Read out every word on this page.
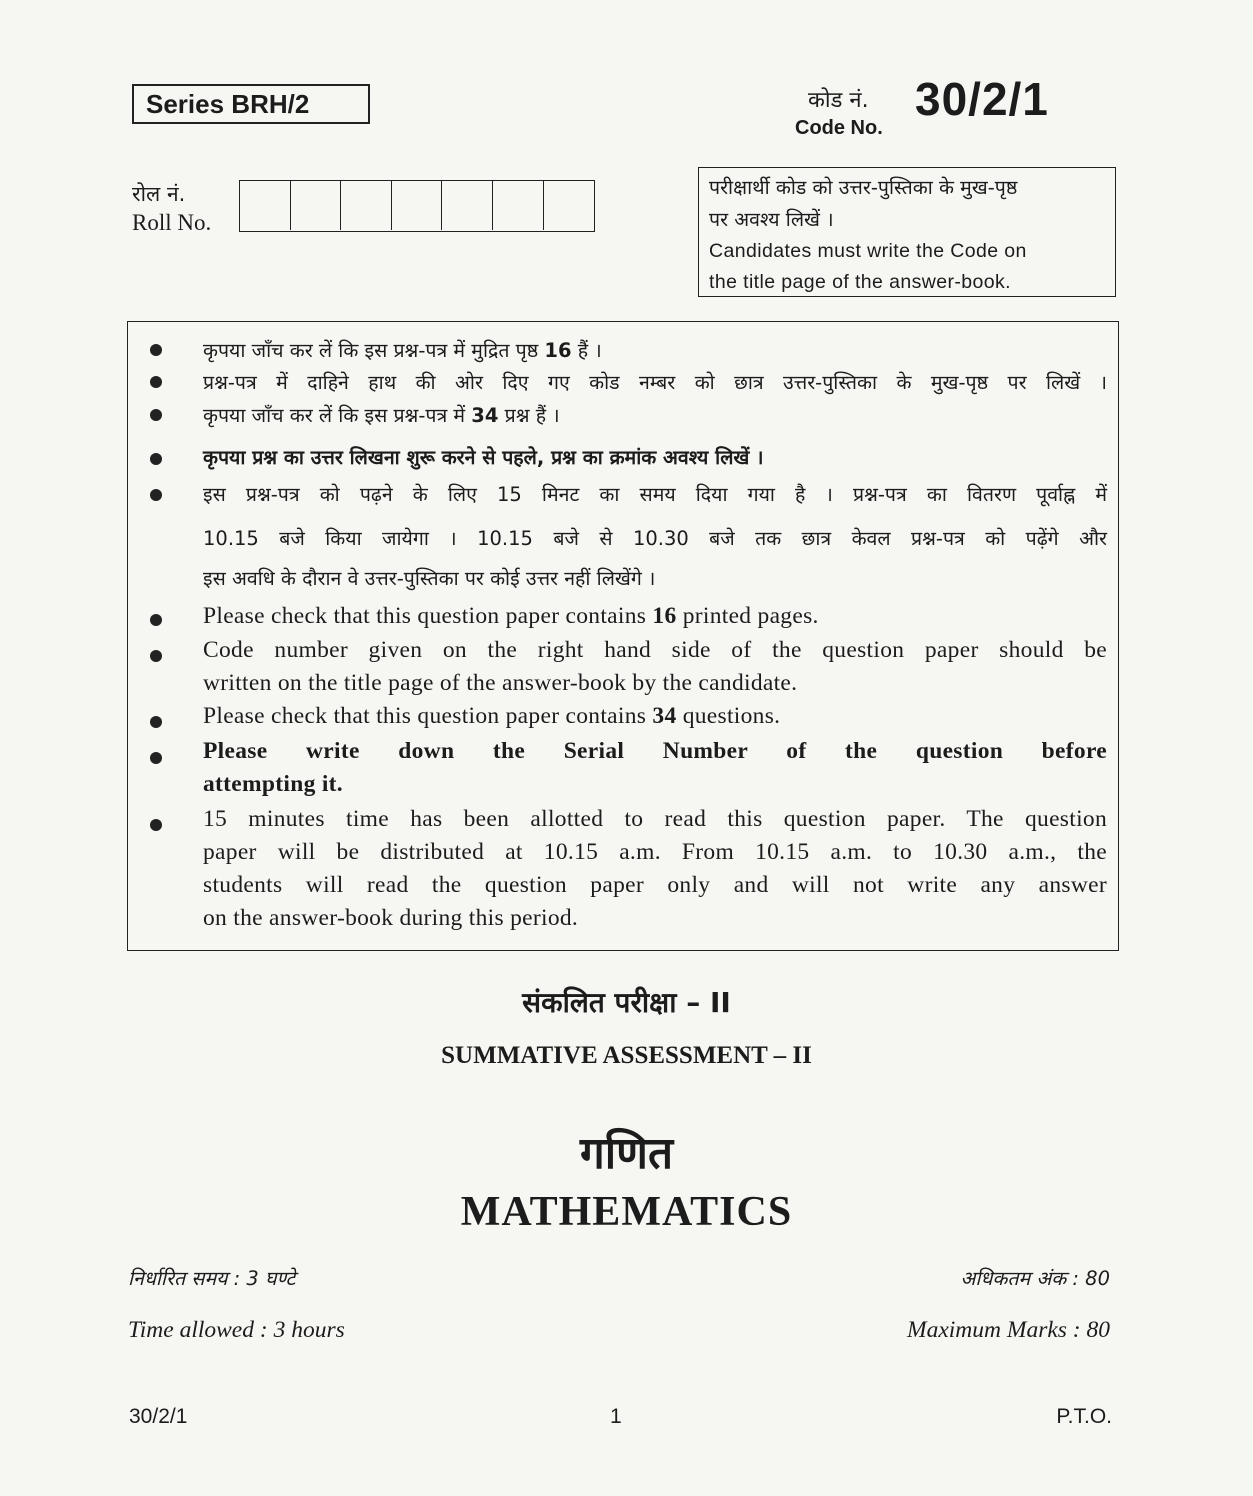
Series BRH/2	कोड नं. 30/2/1
Code No.
रोल नं.
Roll No.
परीक्षार्थी कोड को उत्तर-पुस्तिका के मुख-पृष्ठ
पर अवश्य लिखें ।
Candidates must write the Code on
the title page of the answer-book.
कृपया जाँच कर लें कि इस प्रश्न-पत्र में मुद्रित पृष्ठ 16 हैं ।
प्रश्न-पत्र में दाहिने हाथ की ओर दिए गए कोड नम्बर को छात्र उत्तर-पुस्तिका के मुख-पृष्ठ पर लिखें ।
कृपया जाँच कर लें कि इस प्रश्न-पत्र में 34 प्रश्न हैं ।
कृपया प्रश्न का उत्तर लिखना शुरू करने से पहले, प्रश्न का क्रमांक अवश्य लिखें ।
इस प्रश्न-पत्र को पढ़ने के लिए 15 मिनट का समय दिया गया है । प्रश्न-पत्र का वितरण पूर्वाह्न में
10.15 बजे किया जायेगा । 10.15 बजे से 10.30 बजे तक छात्र केवल प्रश्न-पत्र को पढ़ेंगे और
इस अवधि के दौरान वे उत्तर-पुस्तिका पर कोई उत्तर नहीं लिखेंगे ।
Please check that this question paper contains 16 printed pages.
Code number given on the right hand side of the question paper should be
written on the title page of the answer-book by the candidate.
Please check that this question paper contains 34 questions.
Please write down the Serial Number of the question before
attempting it.
15 minutes time has been allotted to read this question paper. The question
paper will be distributed at 10.15 a.m. From 10.15 a.m. to 10.30 a.m., the
students will read the question paper only and will not write any answer
on the answer-book during this period.
संकलित परीक्षा – II
SUMMATIVE ASSESSMENT – II
गणित
MATHEMATICS
निर्धारित समय : 3 घण्टे	अधिकतम अंक : 80
Time allowed : 3 hours	Maximum Marks : 80
30/2/1	1	P.T.O.
